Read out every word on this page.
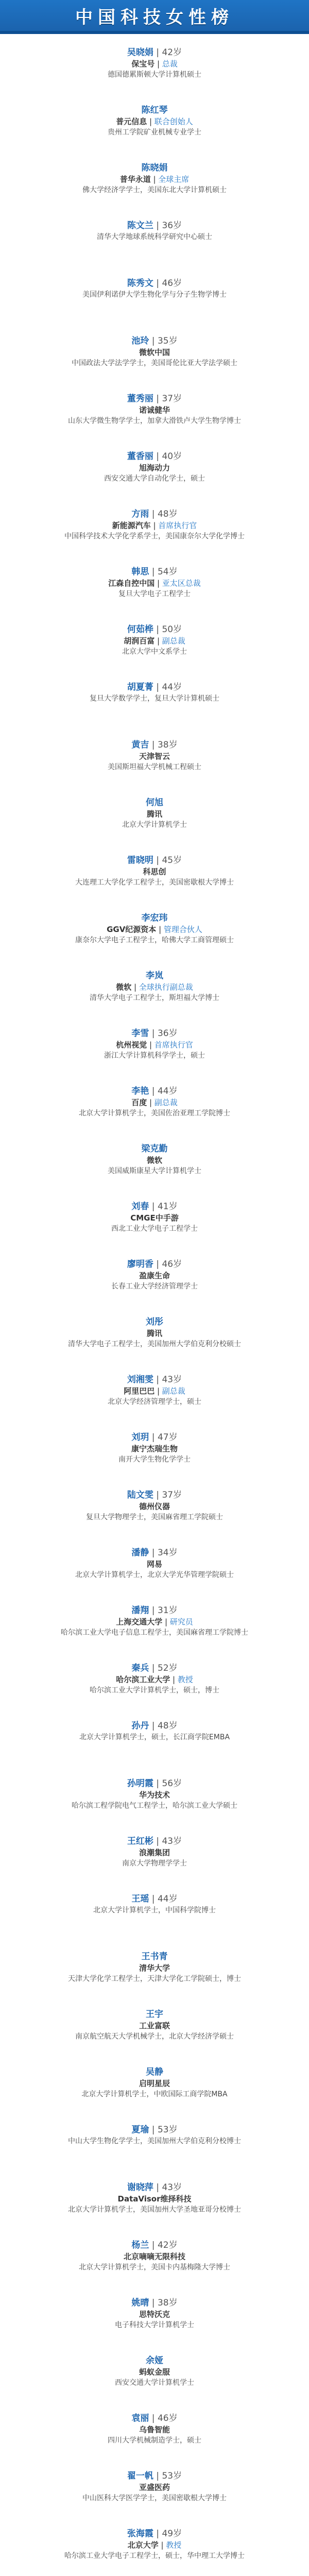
中国科技女性榜
吴晓娟 | 42岁
保宝号 | 总裁
德国德累斯顿大学计算机硕士
陈红琴
普元信息 | 联合创始人
贵州工学院矿业机械专业学士
陈晓娟
普华永道 | 全球主席
佛大学经济学学士，美国东北大学计算机硕士
陈文兰 | 36岁
清华大学地球系统科学研究中心硕士
陈秀文 | 46岁
美国伊利诺伊大学生物化学与分子生物学博士
池玲 | 35岁
微软中国
中国政法大学法学学士，美国哥伦比亚大学法学硕士
董秀丽 | 37岁
诺诚健华
山东大学微生物学学士，加拿大滑铁卢大学生物学博士
董香丽 | 40岁
旭海动力
西安交通大学自动化学士，硕士
方雨 | 48岁
新能源汽车 | 首席执行官
中国科学技术大学化学系学士，美国康奈尔大学化学博士
韩思 | 54岁
江森自控中国 | 亚太区总裁
复旦大学电子工程学士
何茹桦 | 50岁
胡润百富 | 副总裁
北京大学中文系学士
胡夏菁 | 44岁
复旦大学数学学士，复旦大学计算机硕士
黄吉 | 38岁
天津智云
美国斯坦福大学机械工程硕士
何旭
腾讯
北京大学计算机学士
雷晓明 | 45岁
科思创
大连理工大学化学工程学士，美国密歇根大学博士
李宏玮
GGV纪源资本 | 管理合伙人
康奈尔大学电子工程学士，哈佛大学工商管理硕士
李岚
微软 | 全球执行副总裁
清华大学电子工程学士，斯坦福大学博士
李雪 | 36岁
杭州视觉 | 首席执行官
浙江大学计算机科学学士，硕士
李艳 | 44岁
百度 | 副总裁
北京大学计算机学士，美国佐治亚理工学院博士
梁克勤
微软
美国威斯康星大学计算机学士
刘春 | 41岁
CMGE中手游
西北工业大学电子工程学士
廖明香 | 46岁
盈康生命
长春工业大学经济管理学士
刘彤
腾讯
清华大学电子工程学士，美国加州大学伯克利分校硕士
刘湘雯 | 43岁
阿里巴巴 | 副总裁
北京大学经济管理学士，硕士
刘玥 | 47岁
康宁杰瑞生物
南开大学生物化学学士
陆文雯 | 37岁
德州仪器
复旦大学物理学士，美国麻省理工学院硕士
潘静 | 34岁
网易
北京大学计算机学士，北京大学光华管理学院硕士
潘翔 | 31岁
上海交通大学 | 研究员
哈尔滨工业大学电子信息工程学士，美国麻省理工学院博士
秦兵 | 52岁
哈尔滨工业大学 | 教授
哈尔滨工业大学计算机学士，硕士，博士
孙丹 | 48岁
北京大学计算机学士，硕士，长江商学院EMBA
孙明霞 | 56岁
华为技术
哈尔滨工程学院电气工程学士，哈尔滨工业大学硕士
王红彬 | 43岁
浪潮集团
南京大学物理学学士
王瑶 | 44岁
北京大学计算机学士，中国科学院博士
王书青
清华大学
天津大学化学工程学士，天津大学化工学院硕士，博士
王宇
工业富联
南京航空航天大学机械学士，北京大学经济学硕士
吴静
启明星辰
北京大学计算机学士，中欧国际工商学院MBA
夏瑜 | 53岁
中山大学生物化学学士，美国加州大学伯克利分校博士
谢晓萍 | 43岁
DataVisor维择科技
北京大学计算机学士，美国加州大学圣地亚哥分校博士
杨兰 | 42岁
北京嘀嘀无限科技
北京大学计算机学士，美国卡内基梅隆大学博士
姚晴 | 38岁
思特沃克
电子科技大学计算机学士
余娅
蚂蚁金服
西安交通大学计算机学士
袁丽 | 46岁
乌鲁智能
四川大学机械制造学士，硕士
翟一帆 | 53岁
亚盛医药
中山医科大学医学学士，美国密歇根大学博士
张海霞 | 49岁
北京大学 | 教授
哈尔滨工业大学电子工程学士，硕士，华中理工大学博士
